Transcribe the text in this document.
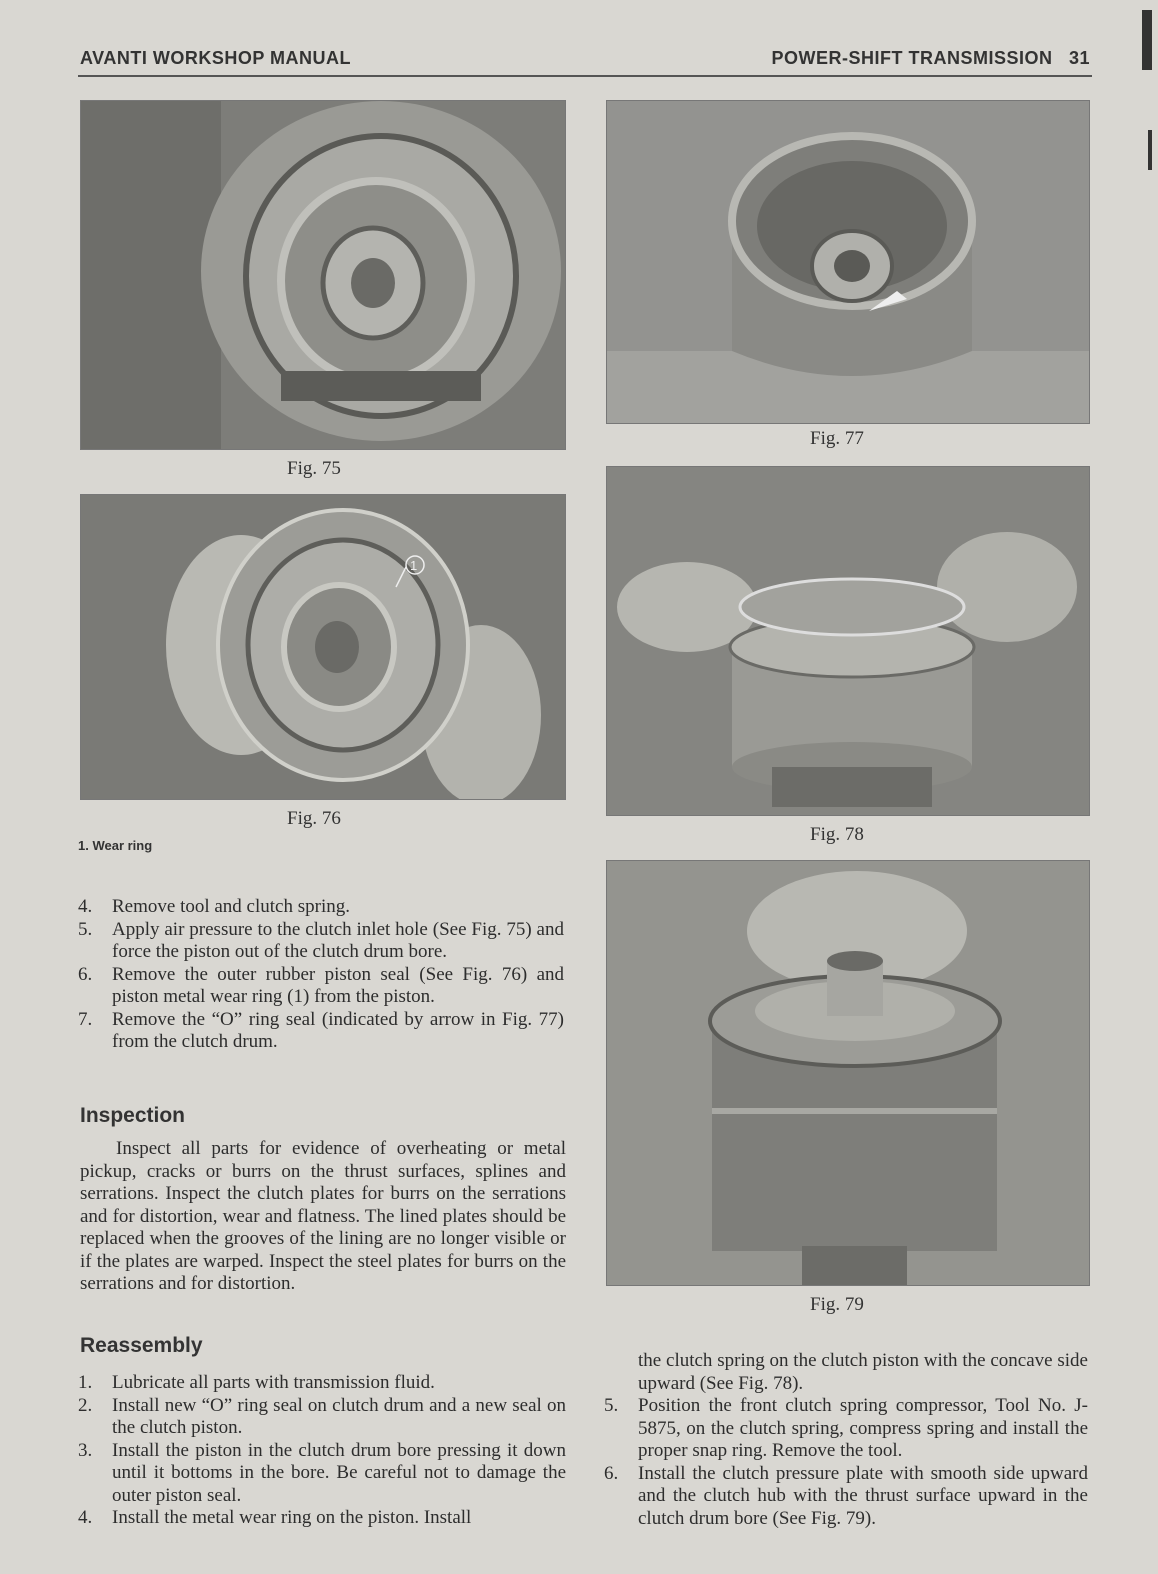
AVANTI WORKSHOP MANUAL	POWER-SHIFT TRANSMISSION 31
Fig. 75
1
Fig. 76
1. Wear ring
Fig. 77
Fig. 78
Fig. 79
4.	Remove tool and clutch spring.
5.	Apply air pressure to the clutch inlet hole (See Fig. 75) and force the piston out of the clutch drum bore.
6.	Remove the outer rubber piston seal (See Fig. 76) and piston metal wear ring (1) from the piston.
7.	Remove the “O” ring seal (indicated by arrow in Fig. 77) from the clutch drum.
Inspection
Inspect all parts for evidence of overheating or metal pickup, cracks or burrs on the thrust surfaces, splines and serrations. Inspect the clutch plates for burrs on the serrations and for distortion, wear and flatness. The lined plates should be replaced when the grooves of the lining are no longer visible or if the plates are warped. Inspect the steel plates for burrs on the serrations and for distortion.
Reassembly
1.	Lubricate all parts with transmission fluid.
2.	Install new “O” ring seal on clutch drum and a new seal on the clutch piston.
3.	Install the piston in the clutch drum bore pressing it down until it bottoms in the bore. Be careful not to damage the outer piston seal.
4.	Install the metal wear ring on the piston. Install
the clutch spring on the clutch piston with the concave side upward (See Fig. 78).
5.	Position the front clutch spring compressor, Tool No. J-5875, on the clutch spring, compress spring and install the proper snap ring. Remove the tool.
6.	Install the clutch pressure plate with smooth side upward and the clutch hub with the thrust surface upward in the clutch drum bore (See Fig. 79).
